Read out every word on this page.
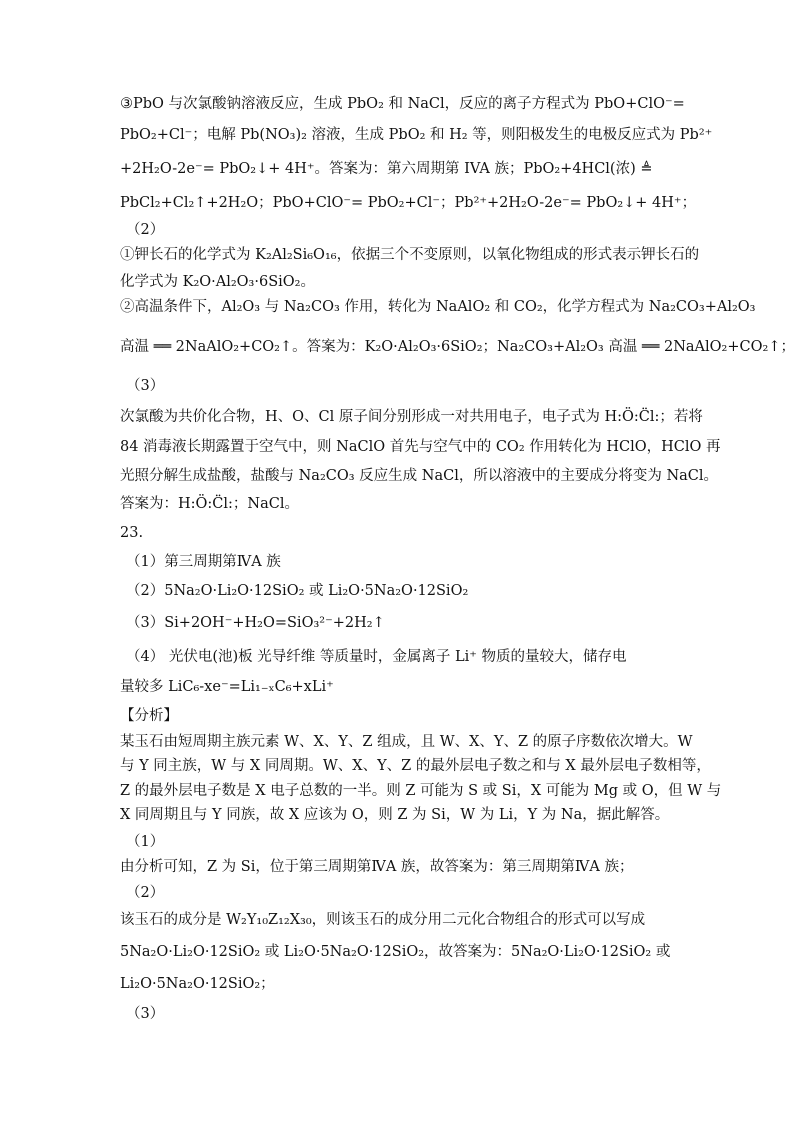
③PbO 与次氯酸钠溶液反应，生成 PbO₂ 和 NaCl，反应的离子方程式为 PbO+ClO⁻=
PbO₂+Cl⁻；电解 Pb(NO₃)₂ 溶液，生成 PbO₂ 和 H₂ 等，则阳极发生的电极反应式为 Pb²⁺
+2H₂O-2e⁻= PbO₂↓+ 4H⁺。答案为：第六周期第 IVA 族；PbO₂+4HCl(浓) ≜
PbCl₂+Cl₂↑+2H₂O；PbO+ClO⁻= PbO₂+Cl⁻；Pb²⁺+2H₂O-2e⁻= PbO₂↓+ 4H⁺；
（2）
①钾长石的化学式为 K₂Al₂Si₆O₁₆，依据三个不变原则，以氧化物组成的形式表示钾长石的
化学式为 K₂O·Al₂O₃·6SiO₂。
②高温条件下，Al₂O₃ 与 Na₂CO₃ 作用，转化为 NaAlO₂ 和 CO₂，化学方程式为 Na₂CO₃+Al₂O₃
高温 ══ 2NaAlO₂+CO₂↑。答案为：K₂O·Al₂O₃·6SiO₂；Na₂CO₃+Al₂O₃ 高温 ══ 2NaAlO₂+CO₂↑；
（3）
次氯酸为共价化合物，H、O、Cl 原子间分别形成一对共用电子，电子式为 H:Ö:C̈l:；若将
84 消毒液长期露置于空气中，则 NaClO 首先与空气中的 CO₂ 作用转化为 HClO，HClO 再
光照分解生成盐酸，盐酸与 Na₂CO₃ 反应生成 NaCl，所以溶液中的主要成分将变为 NaCl。
答案为：H:Ö:C̈l:；NaCl。
23.
（1）第三周期第ⅣA 族
（2）5Na₂O·Li₂O·12SiO₂ 或 Li₂O·5Na₂O·12SiO₂
（3）Si+2OH⁻+H₂O=SiO₃²⁻+2H₂↑
（4） 光伏电(池)板 光导纤维 等质量时，金属离子 Li⁺ 物质的量较大，储存电
量较多 LiC₆-xe⁻=Li₁₋ₓC₆+xLi⁺
【分析】
某玉石由短周期主族元素 W、X、Y、Z 组成，且 W、X、Y、Z 的原子序数依次增大。W
与 Y 同主族，W 与 X 同周期。W、X、Y、Z 的最外层电子数之和与 X 最外层电子数相等，
Z 的最外层电子数是 X 电子总数的一半。则 Z 可能为 S 或 Si，X 可能为 Mg 或 O，但 W 与
X 同周期且与 Y 同族，故 X 应该为 O，则 Z 为 Si，W 为 Li，Y 为 Na，据此解答。
（1）
由分析可知，Z 为 Si，位于第三周期第ⅣA 族，故答案为：第三周期第ⅣA 族；
（2）
该玉石的成分是 W₂Y₁₀Z₁₂X₃₀，则该玉石的成分用二元化合物组合的形式可以写成
5Na₂O·Li₂O·12SiO₂ 或 Li₂O·5Na₂O·12SiO₂，故答案为：5Na₂O·Li₂O·12SiO₂ 或
Li₂O·5Na₂O·12SiO₂；
（3）
